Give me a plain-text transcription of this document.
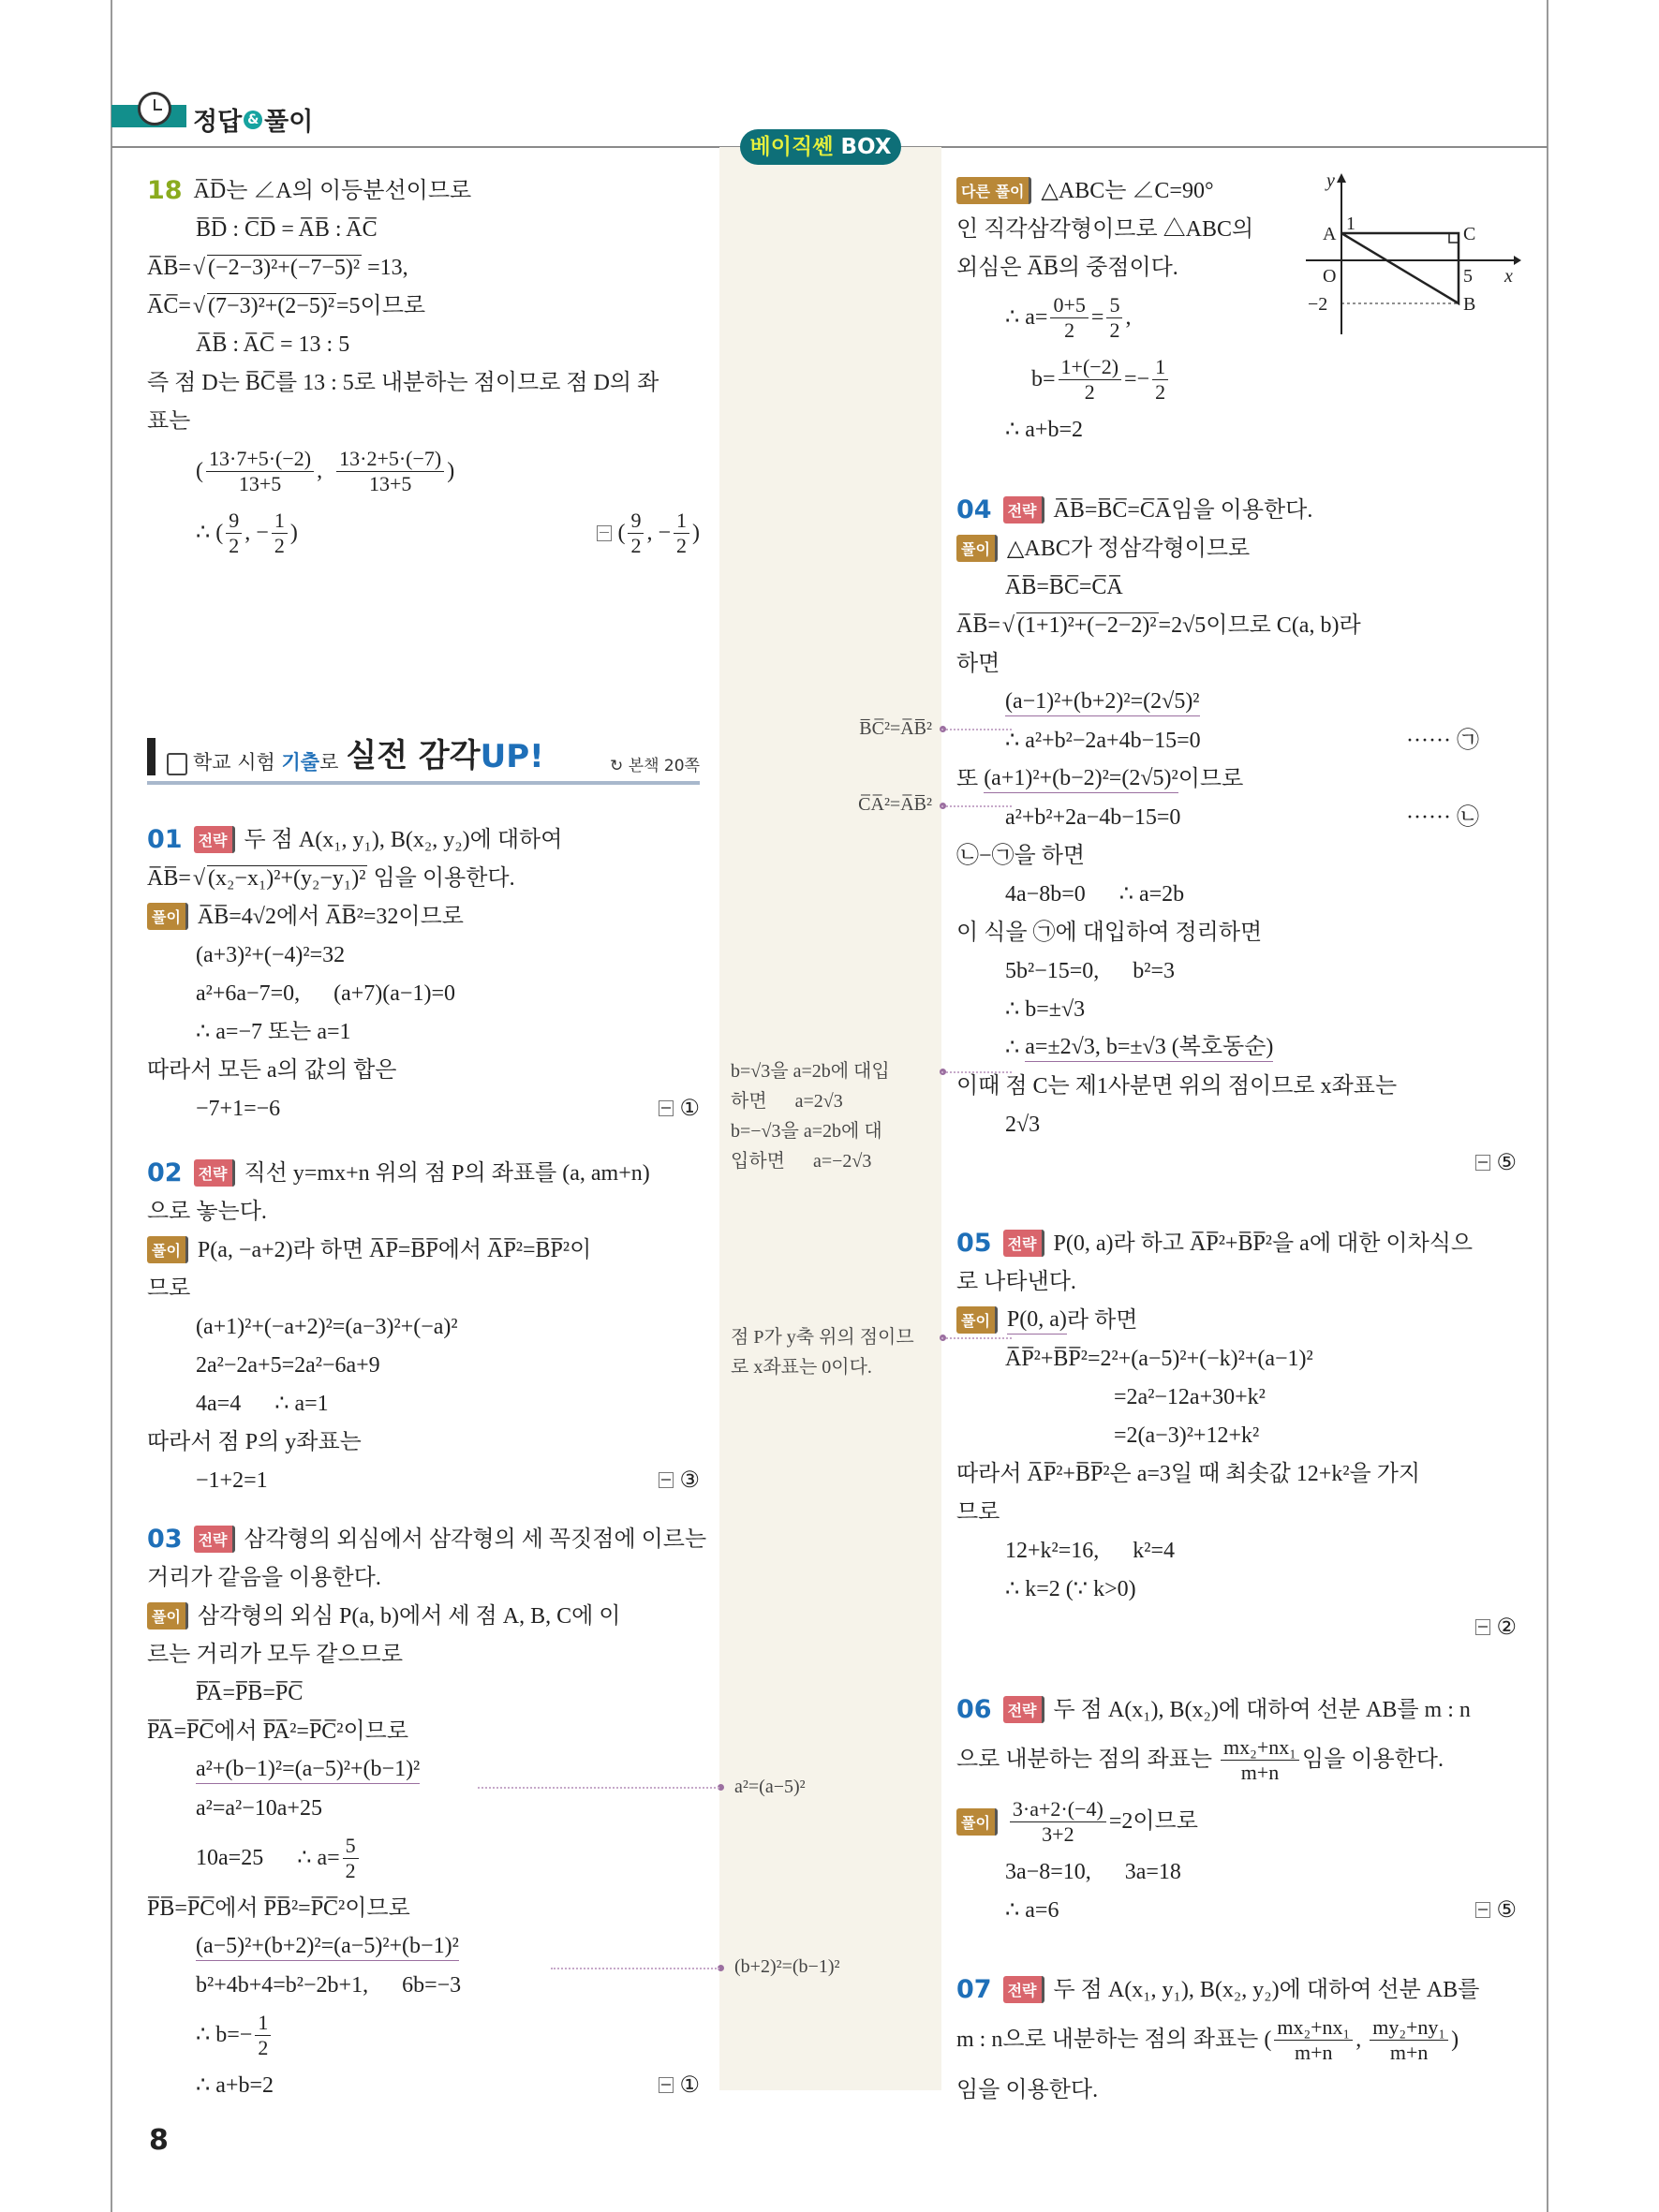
정답 & 풀이
베이직쎈 BOX
학교 시험 기출로 실전 감각 UP!	↻ 본책 20쪽
y
x
1
A	C
O	5
−2	B
18 A̅D̅는 ∠A의 이등분선이므로
B̅D̅ : C̅D̅ = A̅B̅ : A̅C̅
A̅B̅= √ (−2−3)²+(−7−5)² =13,
A̅C̅= √ (7−3)²+(2−5)² =5이므로
A̅B̅ : A̅C̅ = 13 : 5
즉 점 D는 B̅C̅를 13 : 5로 내분하는 점이므로 점 D의 좌
표는
( $\frac{13\cdot 7+5\cdot(-2)}{13+5}$ , $\frac{13\cdot 2+5\cdot(-7)}{13+5}$ )
∴ ( $\frac{9}{2}$ , − $\frac{1}{2}$ )	( $\frac{9}{2}$ , − $\frac{1}{2}$ )
01	전략 두 점 A(x₁, y₁), B(x₂, y₂)에 대하여
A̅B̅= √ (x₂−x₁)²+(y₂−y₁)² 임을 이용한다.
풀이 A̅B̅=4√2에서 A̅B̅²=32이므로
(a+3)²+(−4)²=32
a²+6a−7=0,      (a+7)(a−1)=0
∴ a=−7 또는 a=1
따라서 모든 a의 값의 합은
−7+1=−6	①
02	전략 직선 y=mx+n 위의 점 P의 좌표를 (a, am+n)
으로 놓는다.
풀이 P(a, −a+2)라 하면 A̅P̅=B̅P̅에서 A̅P̅²=B̅P̅²이
므로
(a+1)²+(−a+2)²=(a−3)²+(−a)²
2a²−2a+5=2a²−6a+9
4a=4      ∴ a=1
따라서 점 P의 y좌표는
−1+2=1	③
03	전략 삼각형의 외심에서 삼각형의 세 꼭짓점에 이르는
거리가 같음을 이용한다.
풀이 삼각형의 외심 P(a, b)에서 세 점 A, B, C에 이
르는 거리가 모두 같으므로
P̅A̅=P̅B̅=P̅C̅
P̅A̅=P̅C̅에서 P̅A̅²=P̅C̅²이므로
a²+(b−1)²=(a−5)²+(b−1)²
a²=a²−10a+25
10a=25      ∴ $a= \frac{5}{2}$
P̅B̅=P̅C̅에서 P̅B̅²=P̅C̅²이므로
(a−5)²+(b+2)²=(a−5)²+(b−1)²
b²+4b+4=b²−2b+1,      6b=−3
∴ $b=- \frac{1}{2}$
∴ a+b=2	①
다른 풀이 △ABC는 ∠C=90°
인 직각삼각형이므로 △ABC의
외심은 A̅B̅의 중점이다.
∴ $a= \frac{0+5}{2} = \frac{5}{2}$ ,
$b= \frac{1+(-2)}{2} =- \frac{1}{2}$
∴ a+b=2
04	전략 A̅B̅=B̅C̅=C̅A̅임을 이용한다.
풀이 △ABC가 정삼각형이므로
A̅B̅=B̅C̅=C̅A̅
A̅B̅= √ (1+1)²+(−2−2)² =2√5이므로 C(a, b)라
하면
(a−1)²+(b+2)²=(2√5)²
∴ a²+b²−2a+4b−15=0	······ ㉠
또 (a+1)²+(b−2)²=(2√5)² 이므로
a²+b²+2a−4b−15=0	······ ㉡
㉡−㉠을 하면
4a−8b=0      ∴ a=2b
이 식을 ㉠에 대입하여 정리하면
5b²−15=0,      b²=3
∴ b=±√3
∴ a=±2√3, b=±√3 (복호동순)
이때 점 C는 제1사분면 위의 점이므로 x좌표는
2√3
⑤
05	전략 P(0, a)라 하고 A̅P̅²+B̅P̅²을 a에 대한 이차식으
로 나타낸다.
풀이 P(0, a) 라 하면
A̅P̅²+B̅P̅²=2²+(a−5)²+(−k)²+(a−1)²
=2a²−12a+30+k²
=2(a−3)²+12+k²
따라서 A̅P̅²+B̅P̅²은 a=3일 때 최솟값 12+k²을 가지
므로
12+k²=16,      k²=4
∴ k=2 (∵ k>0)
②
06	전략 두 점 A(x₁), B(x₂)에 대하여 선분 AB를 m : n
으로 내분하는 점의 좌표는 $\frac{\text{mx₂+nx₁}}{m+n}$ 임을 이용한다.
풀이 $\frac{3\cdot a+2\cdot(-4)}{3+2} =2$이므로
3a−8=10,      3a=18
∴ a=6	⑤
07	전략 두 점 A(x₁, y₁), B(x₂, y₂)에 대하여 선분 AB를
m : n으로 내분하는 점의 좌표는 ( $\frac{\text{mx₂+nx₁}}{m+n}$ , $\frac{\text{my₂+ny₁}}{m+n}$ )
임을 이용한다.
B̅C̅²=A̅B̅²
C̅A̅²=A̅B̅²
b=√3을 a=2b에 대입
하면      a=2√3
b=−√3을 a=2b에 대
입하면      a=−2√3
점 P가 y축 위의 점이므
로 x좌표는 0이다.
a²=(a−5)²
(b+2)²=(b−1)²
8
